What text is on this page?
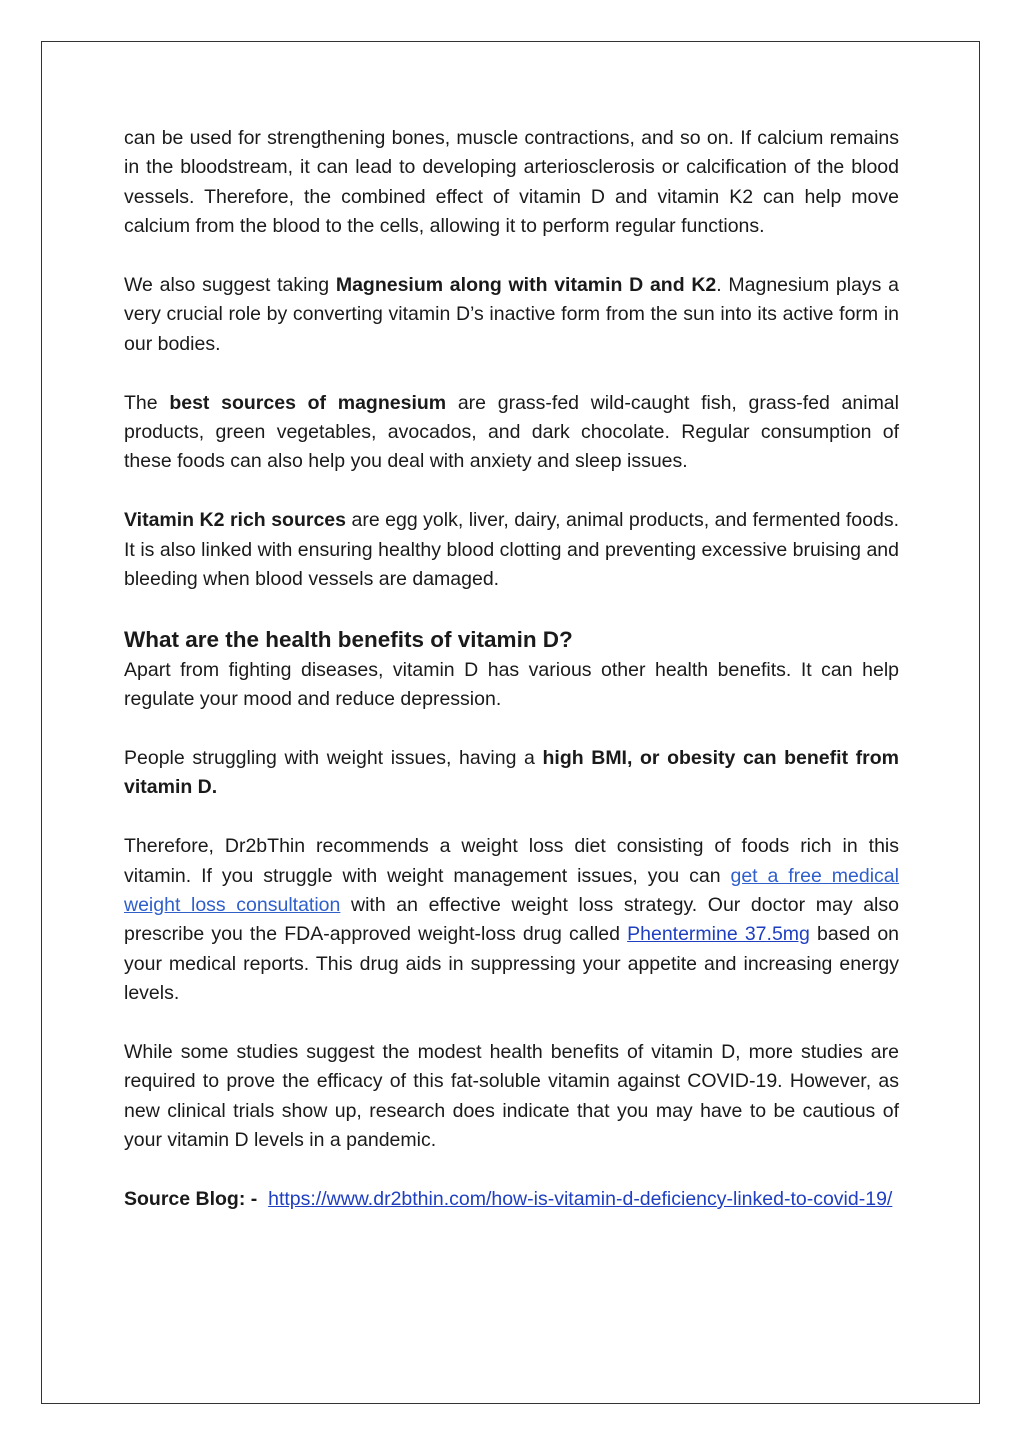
can be used for strengthening bones, muscle contractions, and so on. If calcium remains in the bloodstream, it can lead to developing arteriosclerosis or calcification of the blood vessels. Therefore, the combined effect of vitamin D and vitamin K2 can help move calcium from the blood to the cells, allowing it to perform regular functions.

We also suggest taking Magnesium along with vitamin D and K2. Magnesium plays a very crucial role by converting vitamin D’s inactive form from the sun into its active form in our bodies.

The best sources of magnesium are grass-fed wild-caught fish, grass-fed animal products, green vegetables, avocados, and dark chocolate. Regular consumption of these foods can also help you deal with anxiety and sleep issues.

Vitamin K2 rich sources are egg yolk, liver, dairy, animal products, and fermented foods. It is also linked with ensuring healthy blood clotting and preventing excessive bruising and bleeding when blood vessels are damaged.

What are the health benefits of vitamin D?

Apart from fighting diseases, vitamin D has various other health benefits. It can help regulate your mood and reduce depression.

People struggling with weight issues, having a high BMI, or obesity can benefit from vitamin D.

Therefore, Dr2bThin recommends a weight loss diet consisting of foods rich in this vitamin. If you struggle with weight management issues, you can get a free medical weight loss consultation with an effective weight loss strategy. Our doctor may also prescribe you the FDA-approved weight-loss drug called Phentermine 37.5mg based on your medical reports. This drug aids in suppressing your appetite and increasing energy levels.

While some studies suggest the modest health benefits of vitamin D, more studies are required to prove the efficacy of this fat-soluble vitamin against COVID-19. However, as new clinical trials show up, research does indicate that you may have to be cautious of your vitamin D levels in a pandemic.

Source Blog: - https://www.dr2bthin.com/how-is-vitamin-d-deficiency-linked-to-covid-19/
